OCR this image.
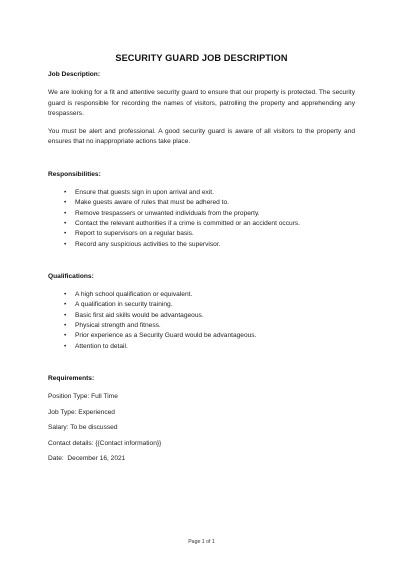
SECURITY GUARD JOB DESCRIPTION
Job Description:

We are looking for a fit and attentive security guard to ensure that our property is protected. The security guard is responsible for recording the names of visitors, patrolling the property and apprehending any trespassers.

You must be alert and professional. A good security guard is aware of all visitors to the property and ensures that no inappropriate actions take place.

Responsibilities:
• Ensure that guests sign in upon arrival and exit.
• Make guests aware of rules that must be adhered to.
• Remove trespassers or unwanted individuals from the property.
• Contact the relevant authorities if a crime is committed or an accident occurs.
• Report to supervisors on a regular basis.
• Record any suspicious activities to the supervisor.
Qualifications:
• A high school qualification or equivalent.
• A qualification in security training.
• Basic first aid skills would be advantageous.
• Physical strength and fitness.
• Prior experience as a Security Guard would be advantageous.
• Attention to detail.
Requirements:

Position Type: Full Time

Job Type: Experienced

Salary: To be discussed

Contact details: {{Contact information}}

Date:  December 16, 2021

Page 1 of 1
